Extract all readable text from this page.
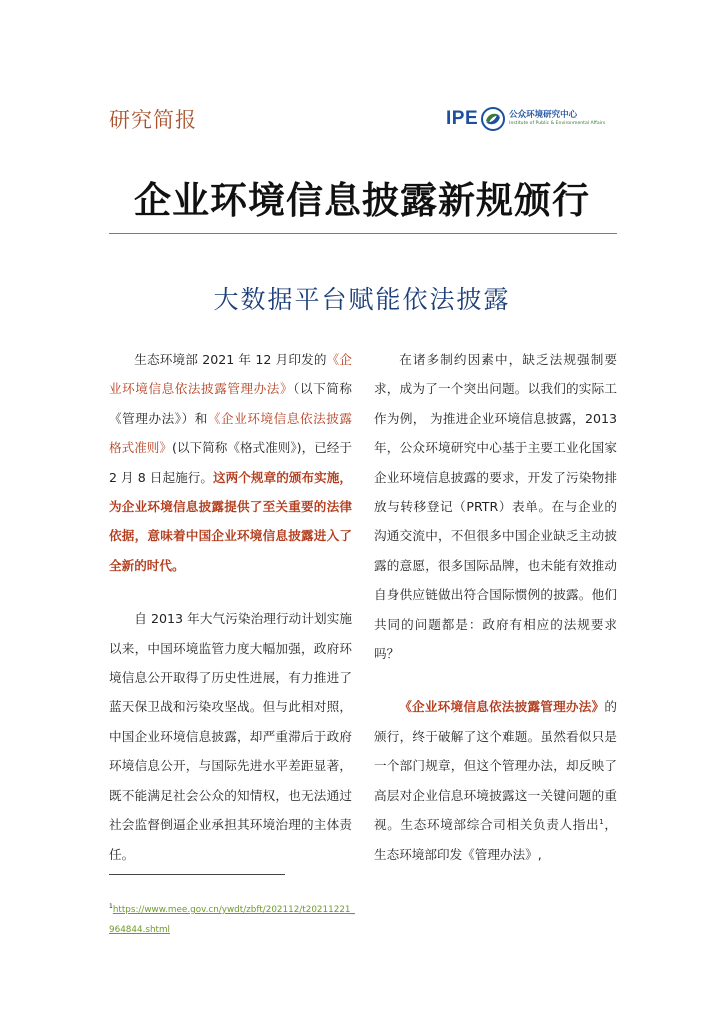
研究简报	IPE	公众环境研究中心
Institute of Public & Environmental Affairs
企业环境信息披露新规颁行
大数据平台赋能依法披露

生态环境部 2021 年 12 月印发的《企业环境信息依法披露管理办法》（以下简称《管理办法》）和《企业环境信息依法披露格式准则》(以下简称《格式准则》)，已经于 2 月 8 日起施行。这两个规章的颁布实施，为企业环境信息披露提供了至关重要的法律依据，意味着中国企业环境信息披露进入了全新的时代。

自 2013 年大气污染治理行动计划实施以来，中国环境监管力度大幅加强，政府环境信息公开取得了历史性进展，有力推进了蓝天保卫战和污染攻坚战。但与此相对照，中国企业环境信息披露，却严重滞后于政府环境信息公开，与国际先进水平差距显著，既不能满足社会公众的知情权，也无法通过社会监督倒逼企业承担其环境治理的主体责任。

在诸多制约因素中，缺乏法规强制要求，成为了一个突出问题。以我们的实际工作为例， 为推进企业环境信息披露，2013 年，公众环境研究中心基于主要工业化国家企业环境信息披露的要求，开发了污染物排放与转移登记（PRTR）表单。在与企业的沟通交流中，不但很多中国企业缺乏主动披露的意愿，很多国际品牌，也未能有效推动自身供应链做出符合国际惯例的披露。他们共同的问题都是：政府有相应的法规要求吗？

《企业环境信息依法披露管理办法》的颁行，终于破解了这个难题。虽然看似只是一个部门规章，但这个管理办法，却反映了高层对企业信息环境披露这一关键问题的重视。生态环境部综合司相关负责人指出$^1$，生态环境部印发《管理办法》,

$^1$https://www.mee.gov.cn/ywdt/zbft/202112/t20211221_964844.shtml
